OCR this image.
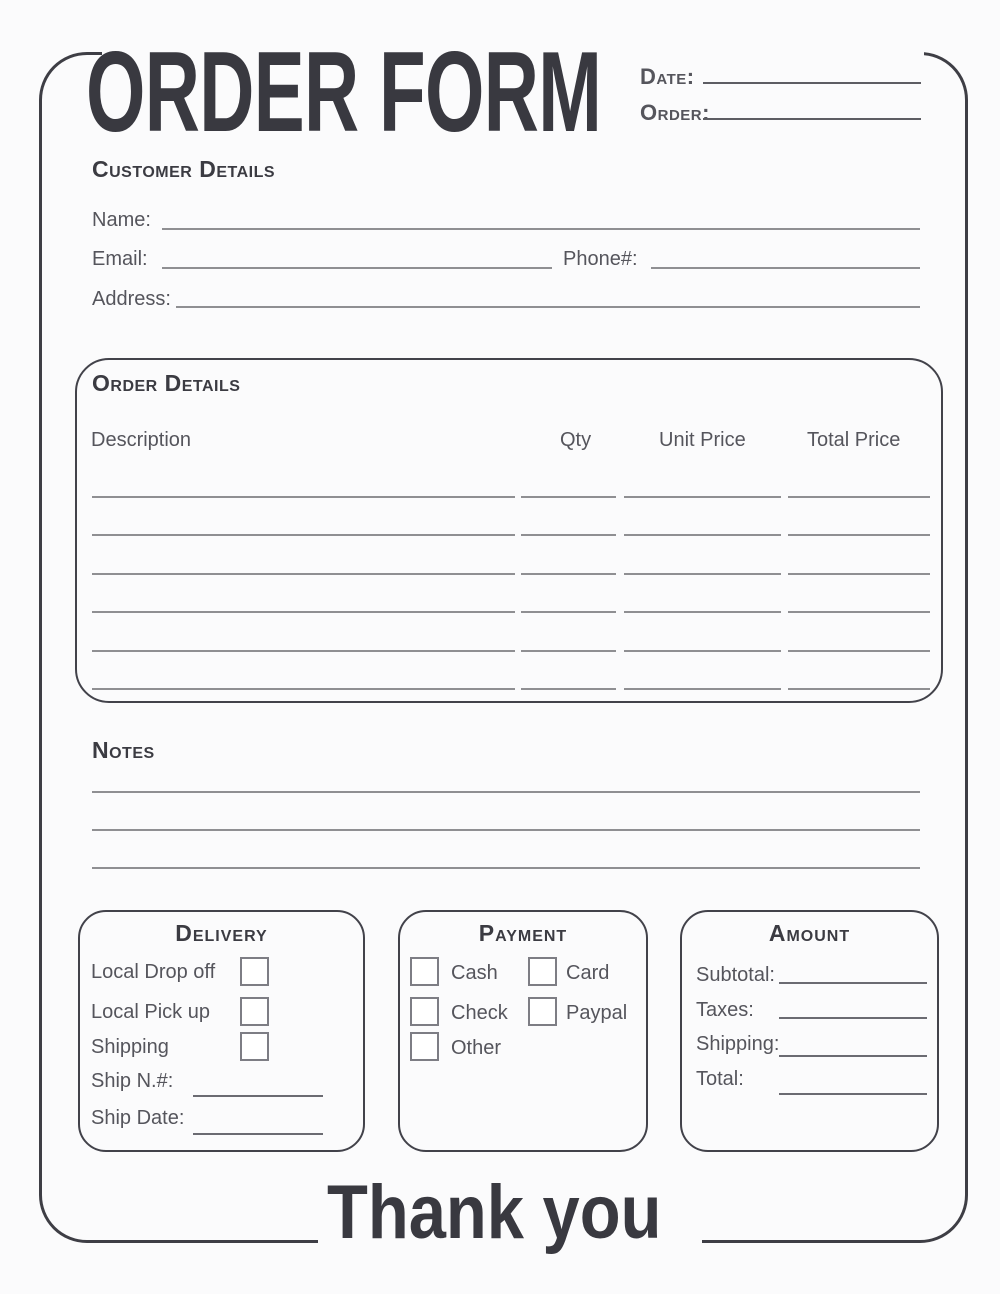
ORDER FORM Date:
Order:
Customer Details
Name:
Email:	Phone#:
Address:
Order Details
Description	Qty	Unit Price	Total Price
Notes
Delivery
Local Drop off
Local Pick up
Shipping
Ship N.#:
Ship Date:
Payment
Cash	Card
Check	Paypal
Other
Amount
Subtotal:
Taxes:
Shipping:
Total:
Thank you
